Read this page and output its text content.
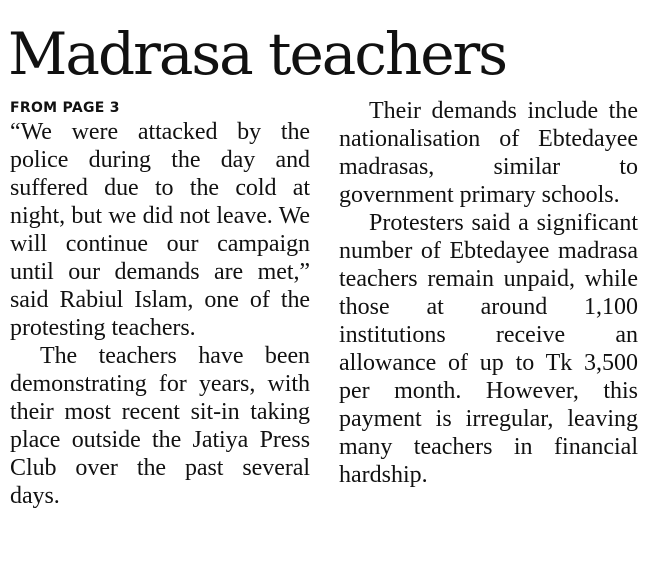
Madrasa teachers
FROM PAGE 3

“We were attacked by the police during the day and suffered due to the cold at night, but we did not leave. We will continue our campaign until our demands are met,” said Rabiul Islam, one of the protesting teachers.

The teachers have been demonstrating for years, with their most recent sit-in taking place outside the Jatiya Press Club over the past several days.

Their demands include the nationalisation of Ebtedayee madrasas, similar to government primary schools.

Protesters said a significant number of Ebtedayee madrasa teachers remain unpaid, while those at around 1,100 institutions receive an allowance of up to Tk 3,500 per month. However, this payment is irregular, leaving many teachers in financial hardship.
